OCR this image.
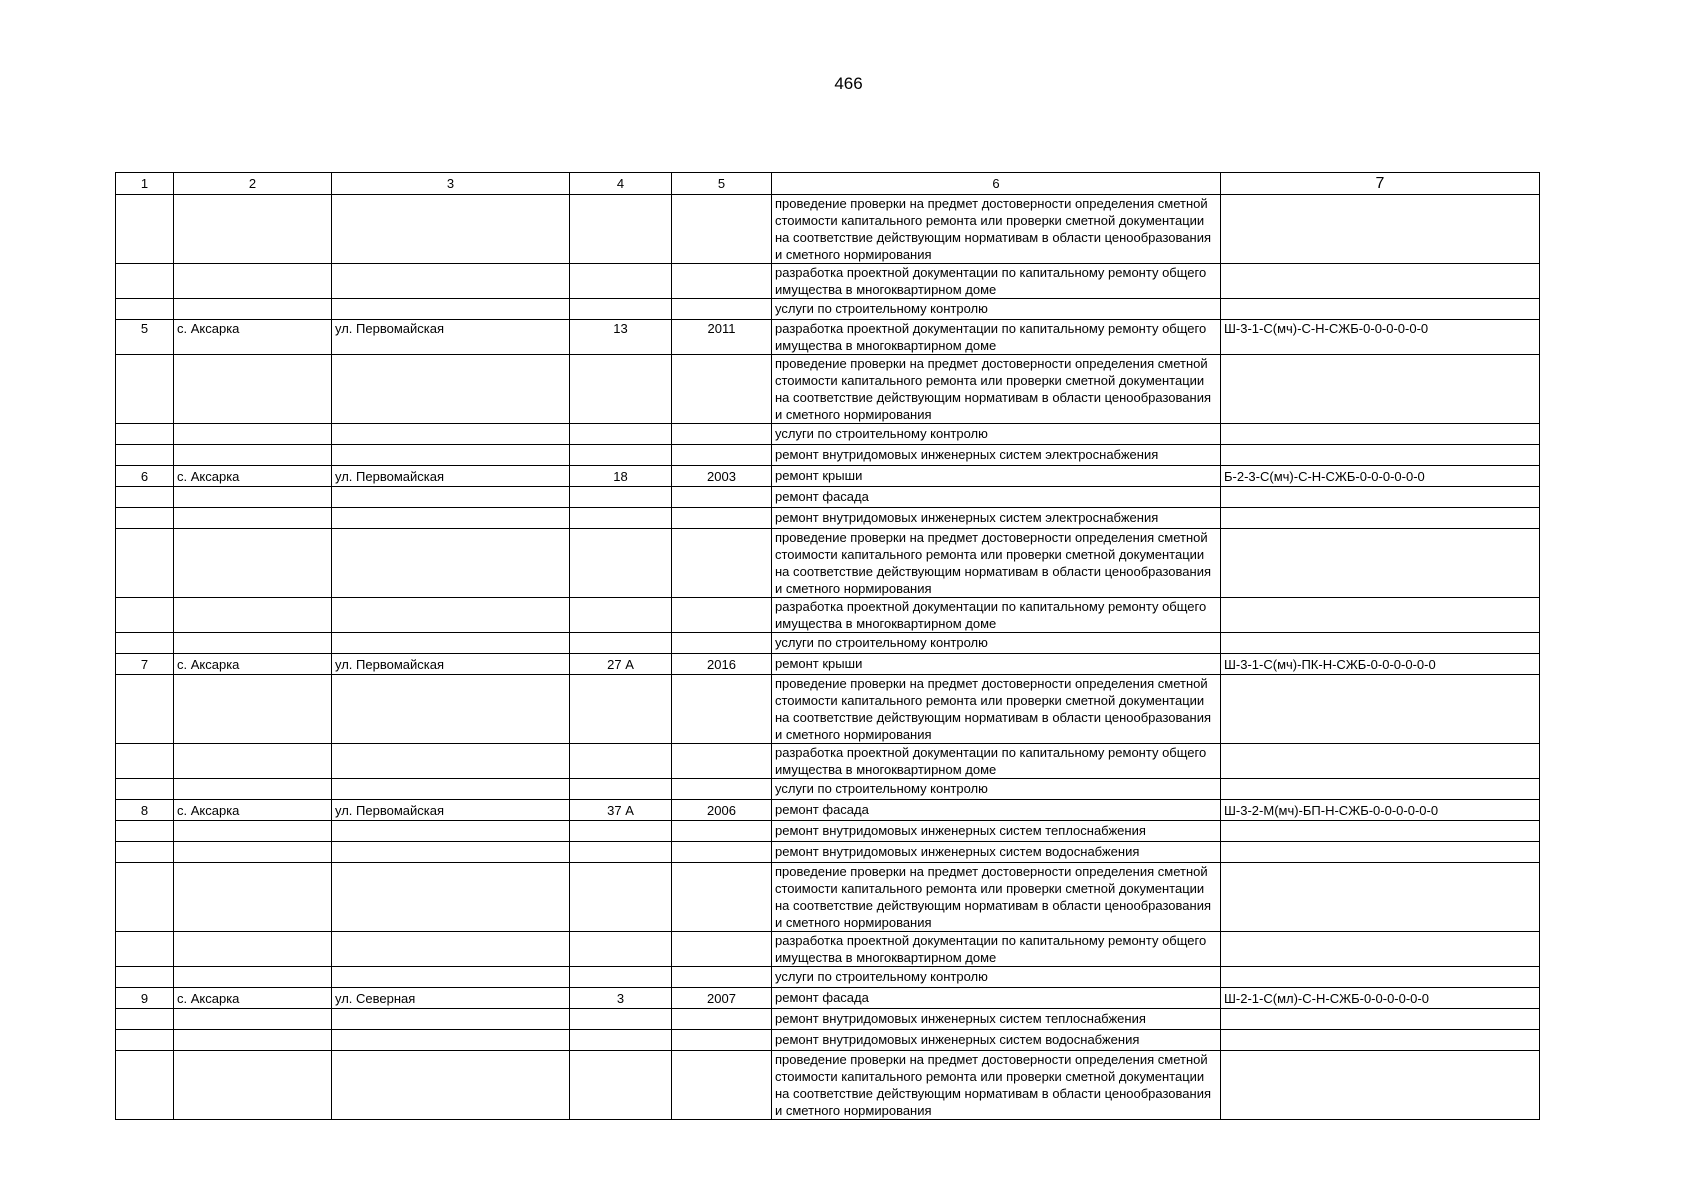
466
1	2	3	4	5	6	7
					проведение проверки на предмет достоверности определения сметной стоимости капитального ремонта или проверки сметной документации на соответствие действующим нормативам в области ценообразования и сметного нормирования	
					разработка проектной документации по капитальному ремонту общего имущества в многоквартирном доме	
					услуги по строительному контролю	
5	с. Аксарка	ул. Первомайская	13	2011	разработка проектной документации по капитальному ремонту общего имущества в многоквартирном доме	Ш-3-1-С(мч)-С-Н-СЖБ-0-0-0-0-0-0
					проведение проверки на предмет достоверности определения сметной стоимости капитального ремонта или проверки сметной документации на соответствие действующим нормативам в области ценообразования и сметного нормирования	
					услуги по строительному контролю	
					ремонт внутридомовых инженерных систем электроснабжения	
6	с. Аксарка	ул. Первомайская	18	2003	ремонт крыши	Б-2-3-С(мч)-С-Н-СЖБ-0-0-0-0-0-0
					ремонт фасада	
					ремонт внутридомовых инженерных систем электроснабжения	
					проведение проверки на предмет достоверности определения сметной стоимости капитального ремонта или проверки сметной документации на соответствие действующим нормативам в области ценообразования и сметного нормирования	
					разработка проектной документации по капитальному ремонту общего имущества в многоквартирном доме	
					услуги по строительному контролю	
7	с. Аксарка	ул. Первомайская	27 А	2016	ремонт крыши	Ш-3-1-С(мч)-ПК-Н-СЖБ-0-0-0-0-0-0
					проведение проверки на предмет достоверности определения сметной стоимости капитального ремонта или проверки сметной документации на соответствие действующим нормативам в области ценообразования и сметного нормирования	
					разработка проектной документации по капитальному ремонту общего имущества в многоквартирном доме	
					услуги по строительному контролю	
8	с. Аксарка	ул. Первомайская	37 А	2006	ремонт фасада	Ш-3-2-М(мч)-БП-Н-СЖБ-0-0-0-0-0-0
					ремонт внутридомовых инженерных систем теплоснабжения	
					ремонт внутридомовых инженерных систем водоснабжения	
					проведение проверки на предмет достоверности определения сметной стоимости капитального ремонта или проверки сметной документации на соответствие действующим нормативам в области ценообразования и сметного нормирования	
					разработка проектной документации по капитальному ремонту общего имущества в многоквартирном доме	
					услуги по строительному контролю	
9	с. Аксарка	ул. Северная	3	2007	ремонт фасада	Ш-2-1-С(мл)-С-Н-СЖБ-0-0-0-0-0-0
					ремонт внутридомовых инженерных систем теплоснабжения	
					ремонт внутридомовых инженерных систем водоснабжения	
					проведение проверки на предмет достоверности определения сметной стоимости капитального ремонта или проверки сметной документации на соответствие действующим нормативам в области ценообразования и сметного нормирования	
